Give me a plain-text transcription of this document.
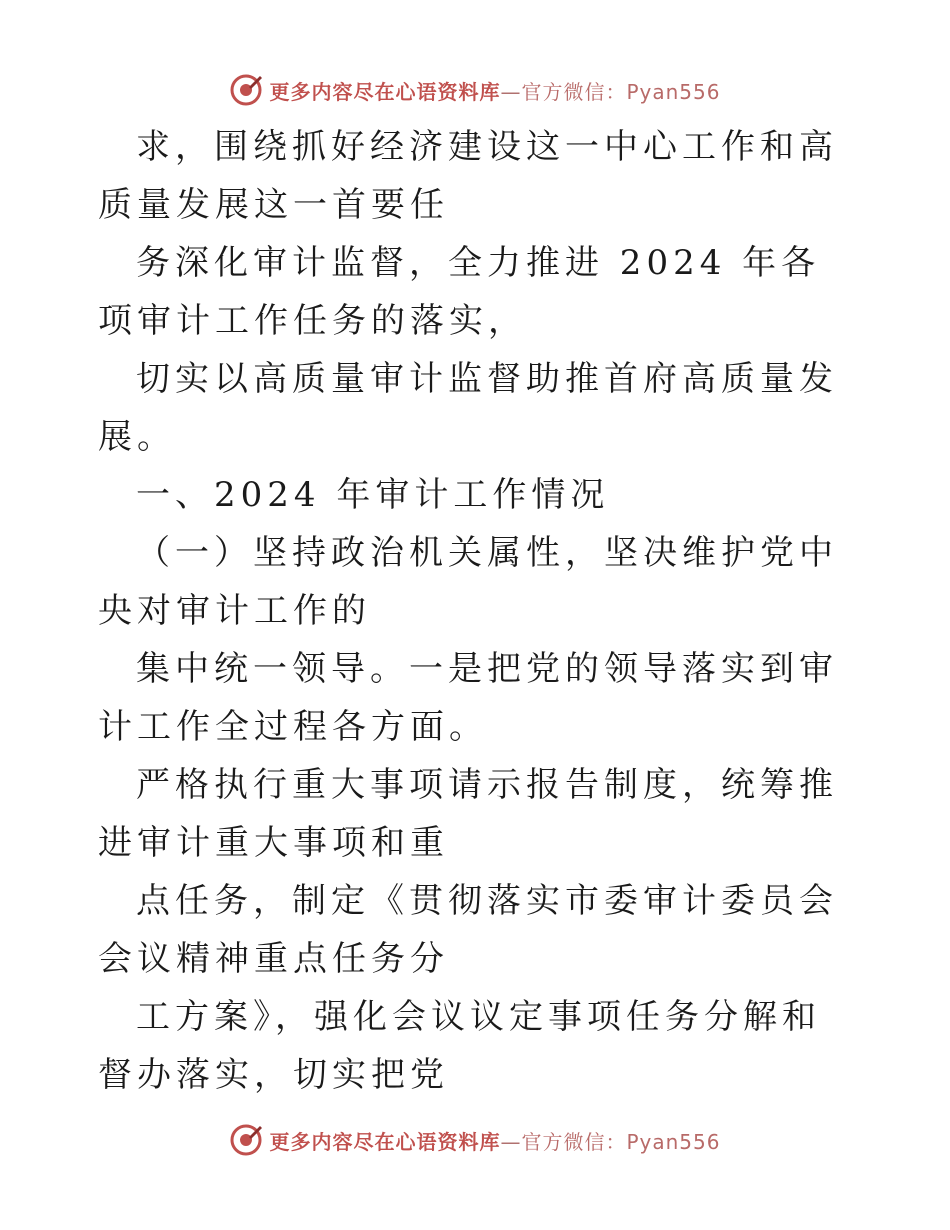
更多内容尽在心语资料库—官方微信：Pyan556

求，围绕抓好经济建设这一中心工作和高质量发展这一首要任

务深化审计监督，全力推进 2024 年各项审计工作任务的落实，

切实以高质量审计监督助推首府高质量发展。

一、2024 年审计工作情况

（一）坚持政治机关属性，坚决维护党中央对审计工作的

集中统一领导。一是把党的领导落实到审计工作全过程各方面。

严格执行重大事项请示报告制度，统筹推进审计重大事项和重

点任务，制定《贯彻落实市委审计委员会会议精神重点任务分

工方案》，强化会议议定事项任务分解和督办落实，切实把党

更多内容尽在心语资料库—官方微信：Pyan556
